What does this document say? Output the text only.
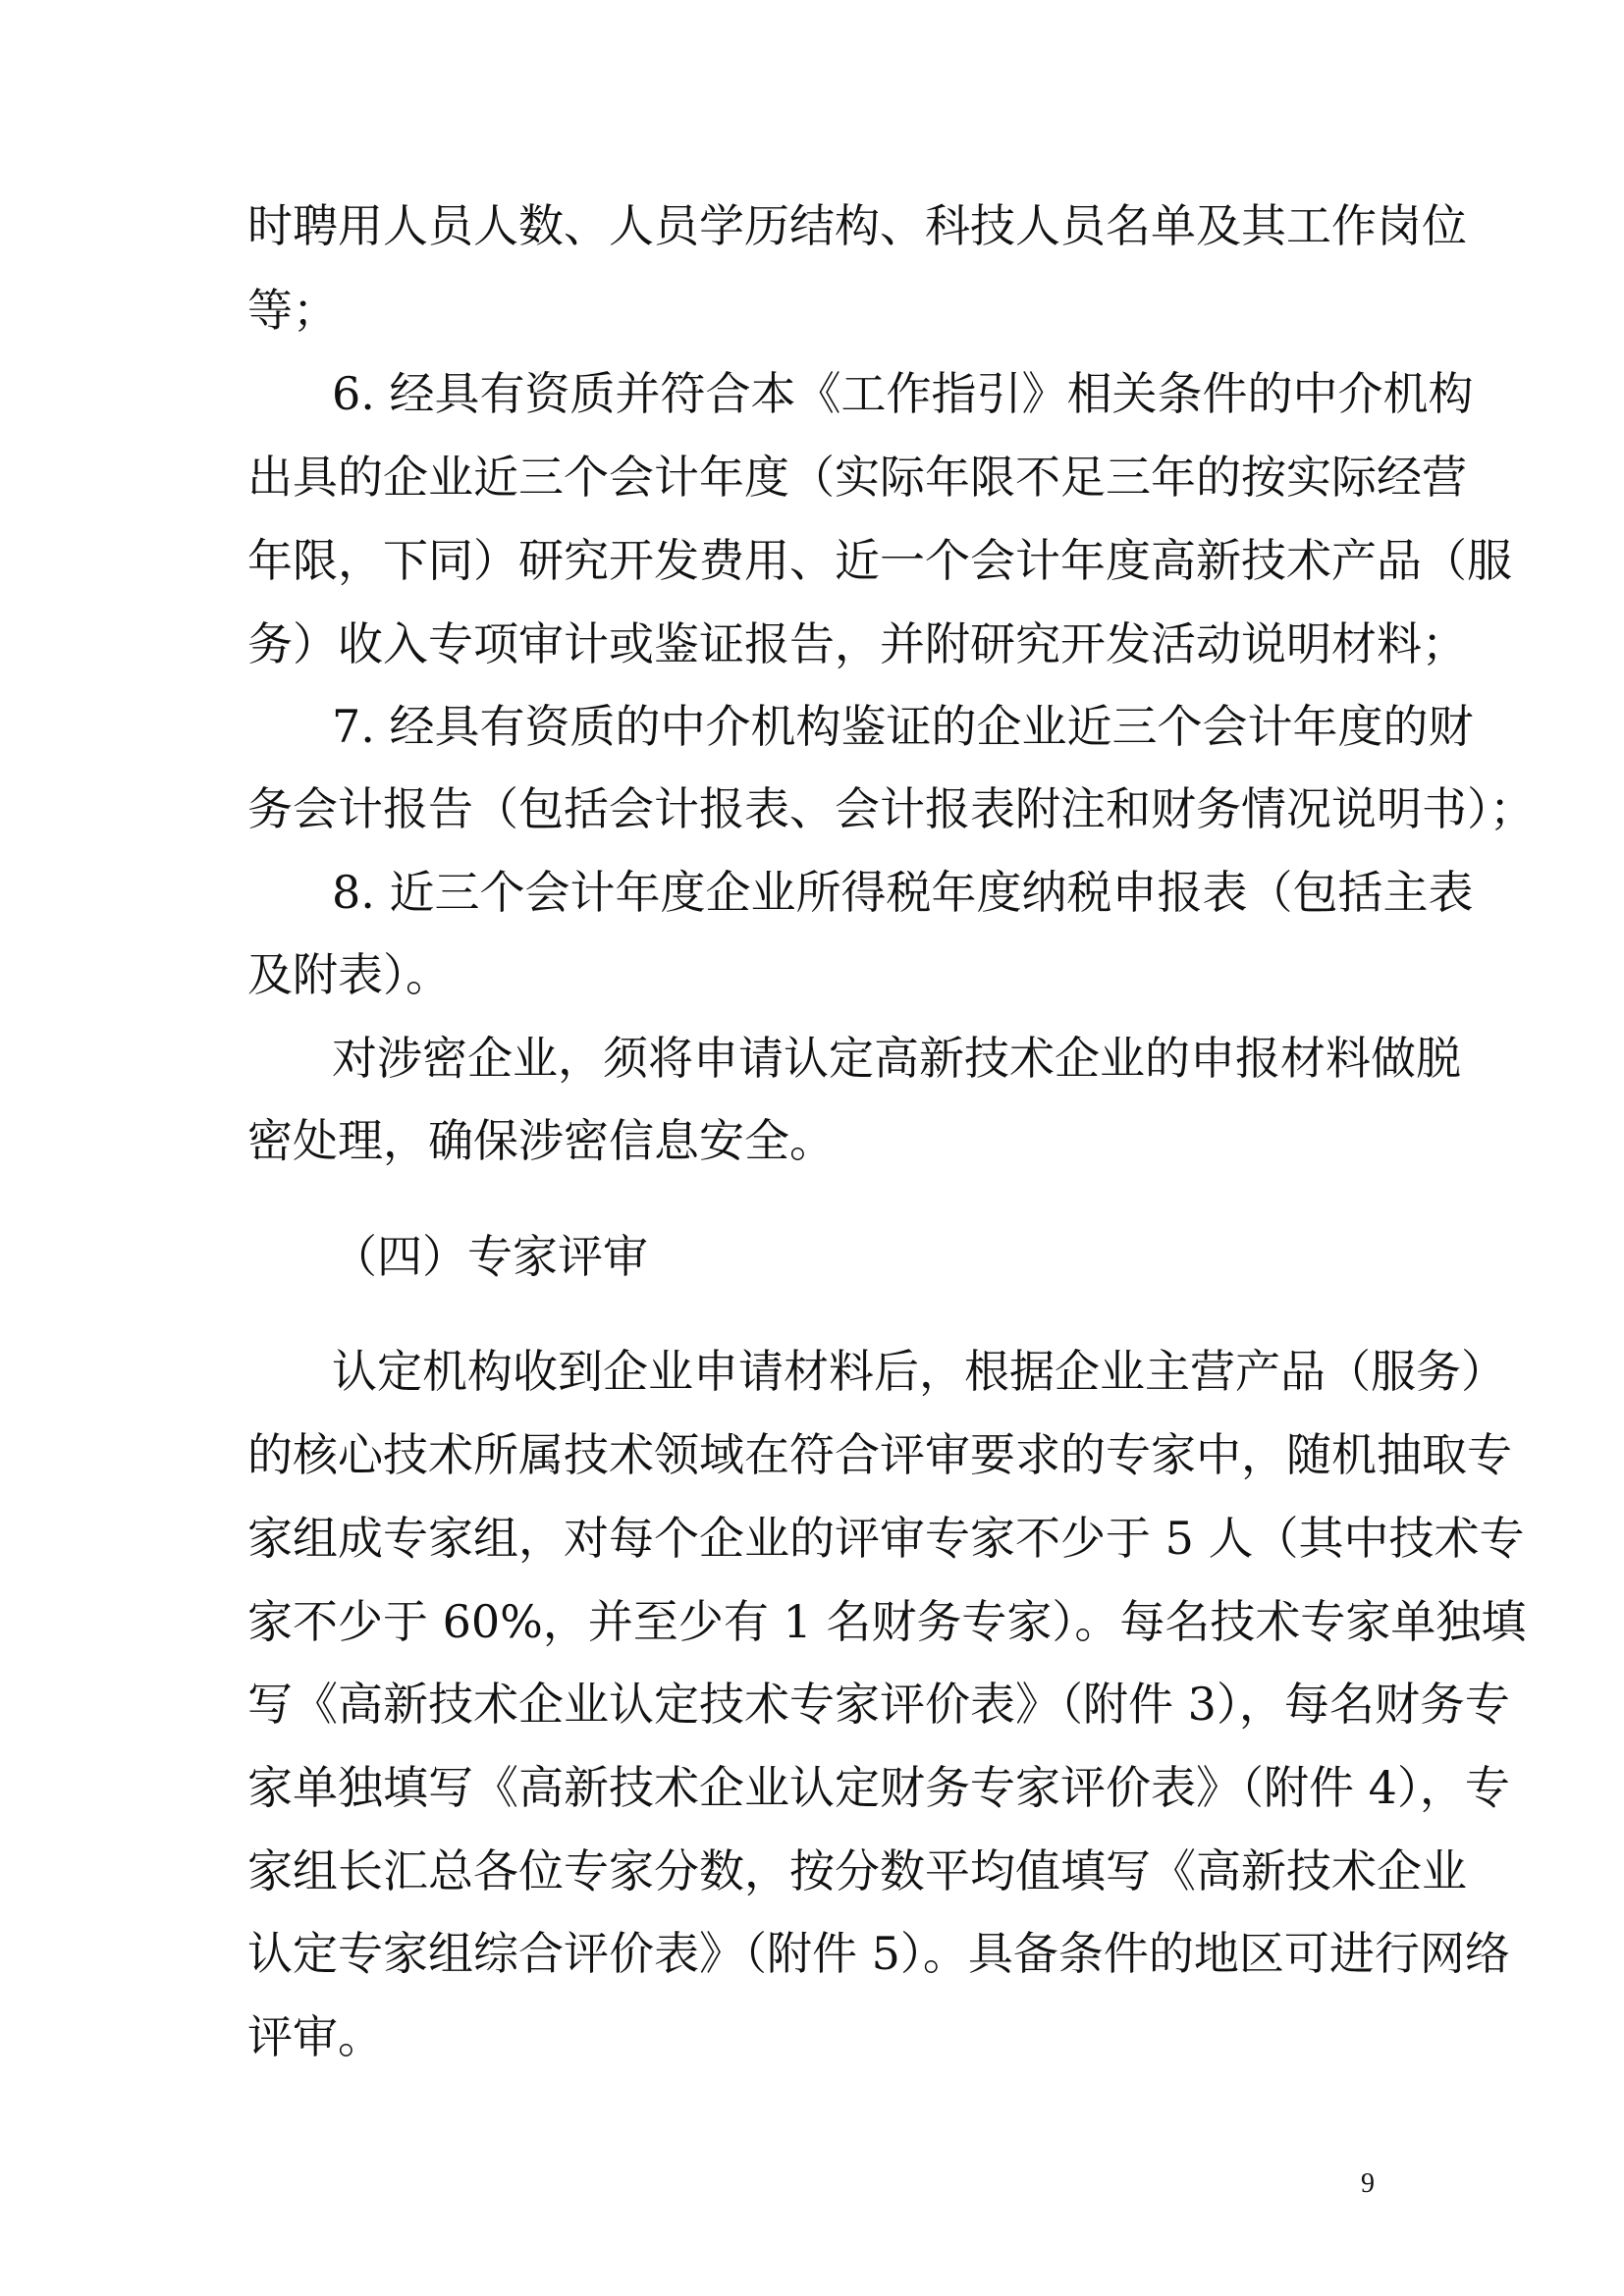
时聘用人员人数、人员学历结构、科技人员名单及其工作岗位
等；
6. 经具有资质并符合本《工作指引》相关条件的中介机构
出具的企业近三个会计年度（实际年限不足三年的按实际经营
年限，下同）研究开发费用、近一个会计年度高新技术产品（服
务）收入专项审计或鉴证报告，并附研究开发活动说明材料；
7. 经具有资质的中介机构鉴证的企业近三个会计年度的财
务会计报告（包括会计报表、会计报表附注和财务情况说明书）；
8. 近三个会计年度企业所得税年度纳税申报表（包括主表
及附表）。
对涉密企业，须将申请认定高新技术企业的申报材料做脱
密处理，确保涉密信息安全。
（四）专家评审
认定机构收到企业申请材料后，根据企业主营产品（服务）
的核心技术所属技术领域在符合评审要求的专家中，随机抽取专
家组成专家组，对每个企业的评审专家不少于 5 人（其中技术专
家不少于 60%，并至少有 1 名财务专家）。每名技术专家单独填
写《高新技术企业认定技术专家评价表》（附件 3），每名财务专
家单独填写《高新技术企业认定财务专家评价表》（附件 4），专
家组长汇总各位专家分数，按分数平均值填写《高新技术企业
认定专家组综合评价表》（附件 5）。具备条件的地区可进行网络
评审。
9
